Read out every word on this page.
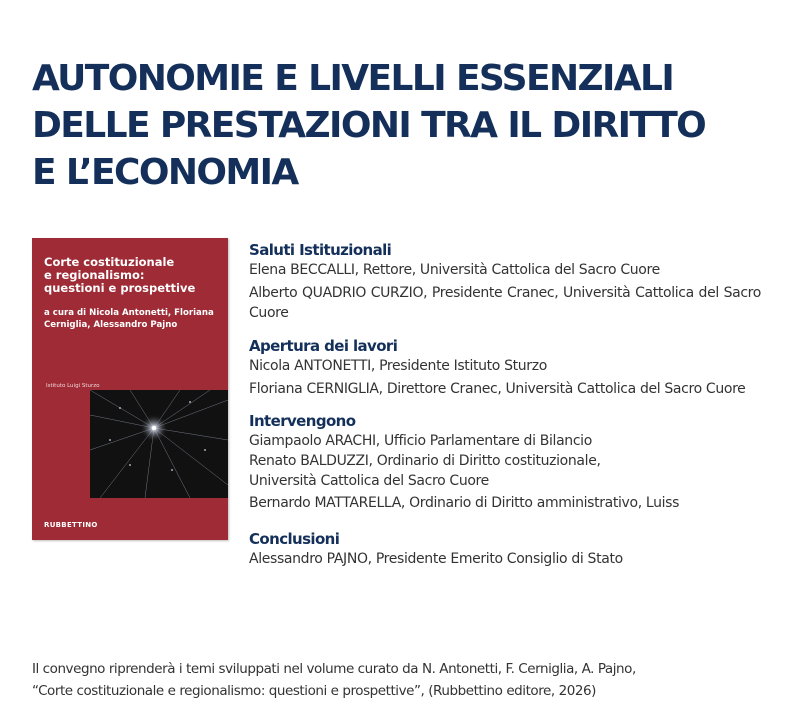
AUTONOMIE E LIVELLI ESSENZIALI
DELLE PRESTAZIONI TRA IL DIRITTO
E L’ECONOMIA
Corte costituzionale
e regionalismo:
questioni e prospettive
a cura di Nicola Antonetti, Floriana
Cerniglia, Alessandro Pajno
Istituto Luigi Sturzo
RUBBETTINO
Saluti Istituzionali

Elena BECCALLI, Rettore, Università Cattolica del Sacro Cuore

Alberto QUADRIO CURZIO, Presidente Cranec, Università Cattolica del Sacro Cuore

Apertura dei lavori

Nicola ANTONETTI, Presidente Istituto Sturzo

Floriana CERNIGLIA, Direttore Cranec, Università Cattolica del Sacro Cuore

Intervengono

Giampaolo ARACHI, Ufficio Parlamentare di Bilancio

Renato BALDUZZI, Ordinario di Diritto costituzionale,

Università Cattolica del Sacro Cuore

Bernardo MATTARELLA, Ordinario di Diritto amministrativo, Luiss

Conclusioni

Alessandro PAJNO, Presidente Emerito Consiglio di Stato

Il convegno riprenderà i temi sviluppati nel volume curato da N. Antonetti, F. Cerniglia, A. Pajno,
“Corte costituzionale e regionalismo: questioni e prospettive”, (Rubbettino editore, 2026)
